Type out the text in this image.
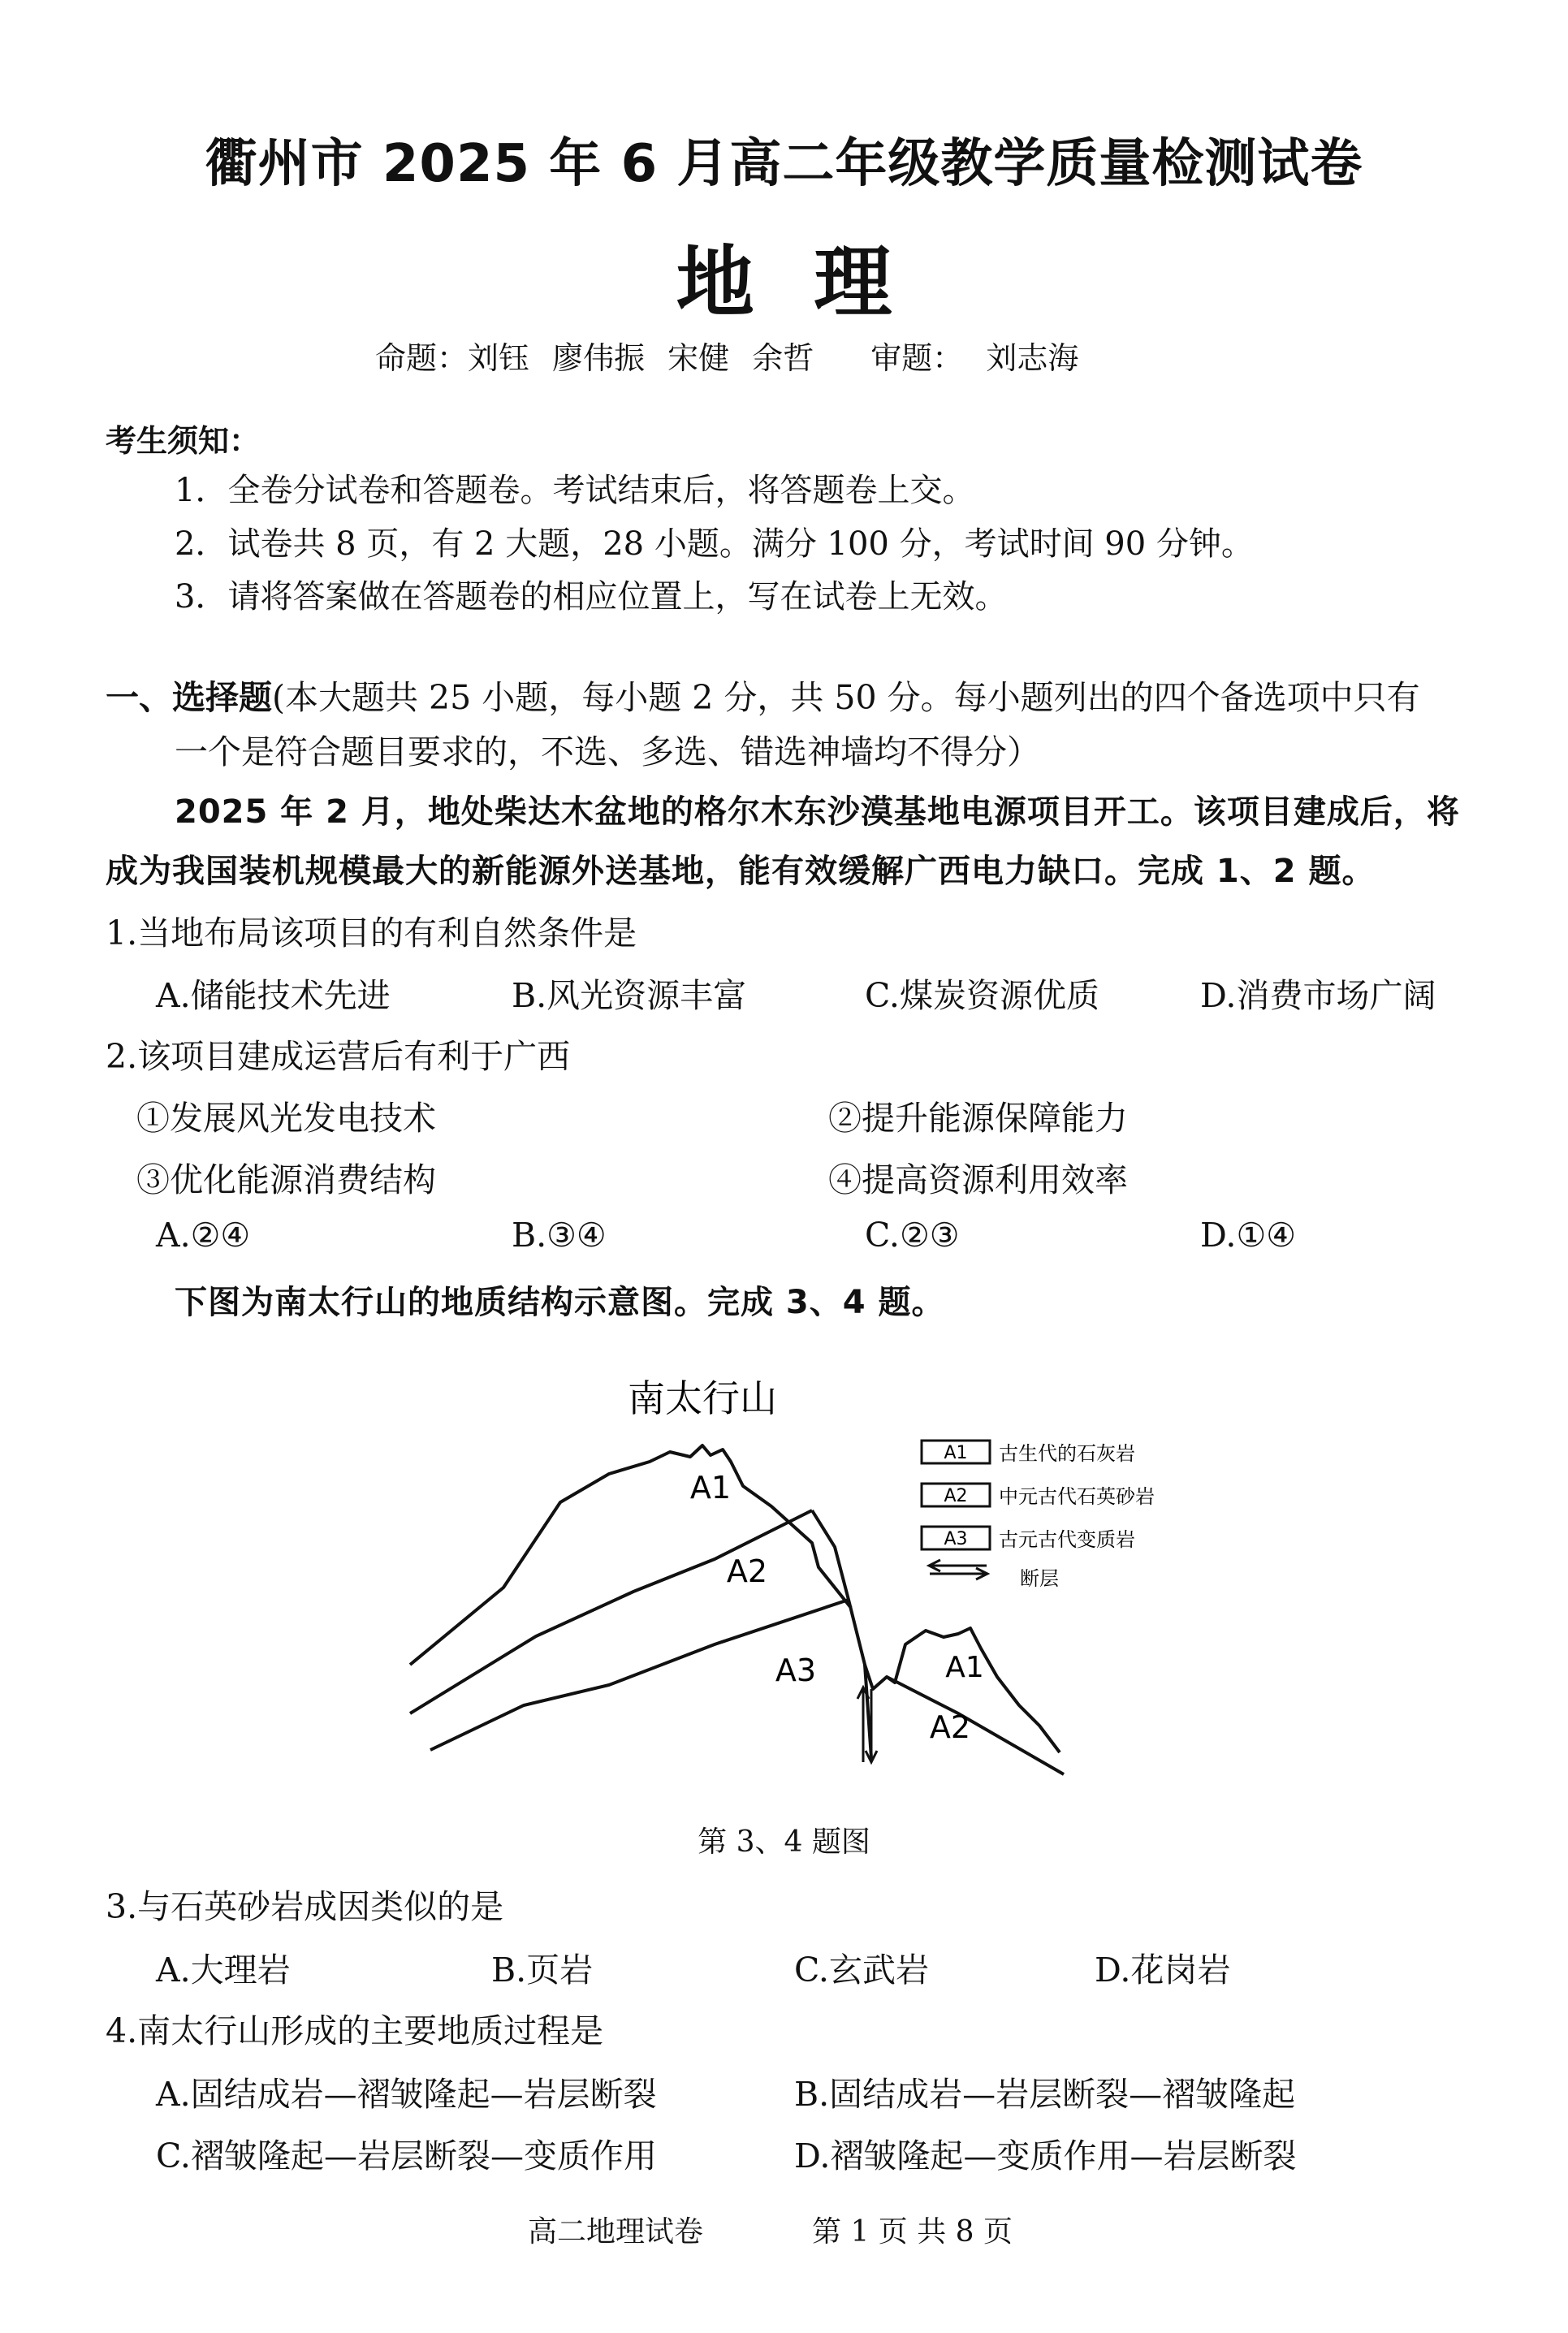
衢州市 2025 年 6 月高二年级教学质量检测试卷
地 理
命题：刘钰 廖伟振 宋健 余哲 审题： 刘志海
考生须知：
1．全卷分试卷和答题卷。考试结束后，将答题卷上交。
2．试卷共 8 页，有 2 大题，28 小题。满分 100 分，考试时间 90 分钟。
3．请将答案做在答题卷的相应位置上，写在试卷上无效。
一、选择题(本大题共 25 小题，每小题 2 分，共 50 分。每小题列出的四个备选项中只有
一个是符合题目要求的，不选、多选、错选神墙均不得分）
2025 年 2 月，地处柴达木盆地的格尔木东沙漠基地电源项目开工。该项目建成后，将
成为我国装机规模最大的新能源外送基地，能有效缓解广西电力缺口。完成 1、2 题。
1.当地布局该项目的有利自然条件是
A.储能技术先进	B.风光资源丰富	C.煤炭资源优质	D.消费市场广阔
2.该项目建成运营后有利于广西
①发展风光发电技术	②提升能源保障能力
③优化能源消费结构	④提高资源利用效率
A.②④	B.③④	C.②③	D.①④
下图为南太行山的地质结构示意图。完成 3、4 题。
南太行山
A1
A2
A3	A1
A2
A1 古生代的石灰岩
A2 中元古代石英砂岩
A3 古元古代变质岩
断层
第 3、4 题图
3.与石英砂岩成因类似的是
A.大理岩	B.页岩	C.玄武岩	D.花岗岩
4.南太行山形成的主要地质过程是
A.固结成岩—褶皱隆起—岩层断裂	B.固结成岩—岩层断裂—褶皱隆起
C.褶皱隆起—岩层断裂—变质作用	D.褶皱隆起—变质作用—岩层断裂
高二地理试卷	第 1 页 共 8 页
